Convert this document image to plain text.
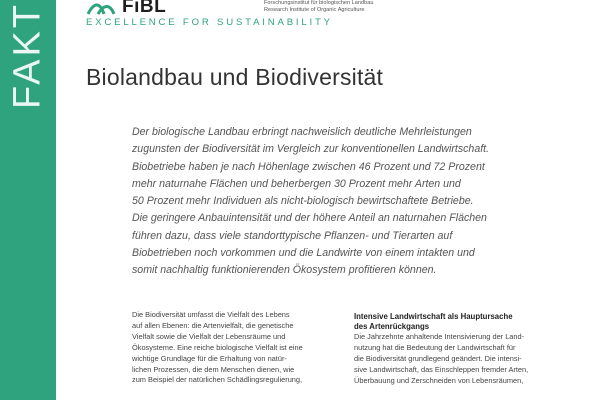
FAKT	FiBL	Forschungsinstitut für biologischen Landbau
Research Institute of Organic Agriculture
EXCELLENCE FOR SUSTAINABILITY
Biolandbau und Biodiversität
Der biologische Landbau erbringt nachweislich deutliche Mehrleistungen
zugunsten der Biodiversität im Vergleich zur konventionellen Landwirtschaft.
Biobetriebe haben je nach Höhenlage zwischen 46 Prozent und 72 Prozent
mehr naturnahe Flächen und beherbergen 30 Prozent mehr Arten und
50 Prozent mehr Individuen als nicht-biologisch bewirtschaftete Betriebe.
Die geringere Anbauintensität und der höhere Anteil an naturnahen Flächen
führen dazu, dass viele standorttypische Pflanzen- und Tierarten auf
Biobetrieben noch vorkommen und die Landwirte von einem intakten und
somit nachhaltig funktionierenden Ökosystem profitieren können.
Die Biodiversität umfasst die Vielfalt des Lebens
auf allen Ebenen: die Artenvielfalt, die genetische
Vielfalt sowie die Vielfalt der Lebensräume und
Ökosysteme. Eine reiche biologische Vielfalt ist eine
wichtige Grundlage für die Erhaltung von natür-
lichen Prozessen, die dem Menschen dienen, wie
zum Beispiel der natürlichen Schädlingsregulierung,
Intensive Landwirtschaft als Hauptursache
des Artenrückgangs
Die Jahrzehnte anhaltende Intensivierung der Land-
nutzung hat die Bedeutung der Landwirtschaft für
die Biodiversität grundlegend geändert. Die intensi-
sive Landwirtschaft, das Einschleppen fremder Arten,
Überbauung und Zerschneiden von Lebensräumen,
